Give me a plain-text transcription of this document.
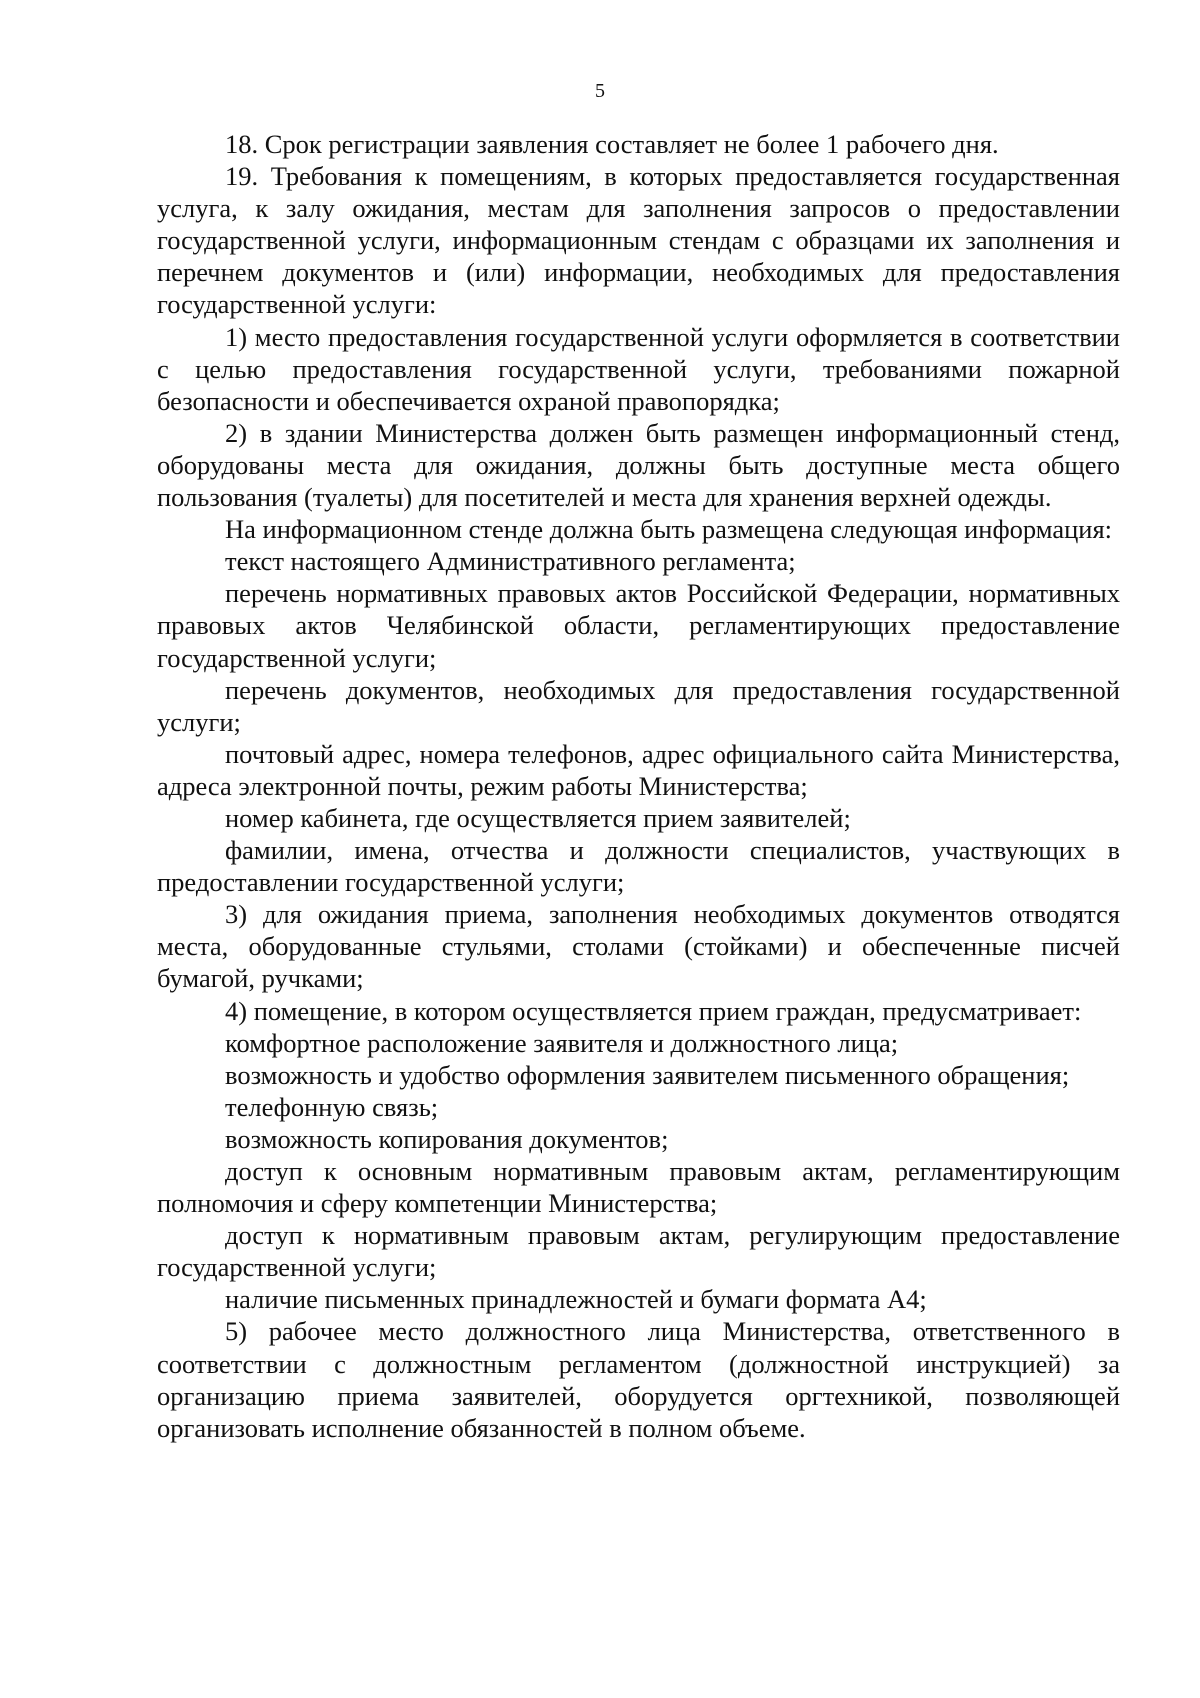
5

18. Срок регистрации заявления составляет не более 1 рабочего дня.

19. Требования к помещениям, в которых предоставляется государственная услуга, к залу ожидания, местам для заполнения запросов о предоставлении государственной услуги, информационным стендам с образцами их заполнения и перечнем документов и (или) информации, необходимых для предоставления государственной услуги:

1) место предоставления государственной услуги оформляется в соответствии с целью предоставления государственной услуги, требованиями пожарной безопасности и обеспечивается охраной правопорядка;

2) в здании Министерства должен быть размещен информационный стенд, оборудованы места для ожидания, должны быть доступные места общего пользования (туалеты) для посетителей и места для хранения верхней одежды.

На информационном стенде должна быть размещена следующая информация:

текст настоящего Административного регламента;

перечень нормативных правовых актов Российской Федерации, нормативных правовых актов Челябинской области, регламентирующих предоставление государственной услуги;

перечень документов, необходимых для предоставления государственной услуги;

почтовый адрес, номера телефонов, адрес официального сайта Министерства, адреса электронной почты, режим работы Министерства;

номер кабинета, где осуществляется прием заявителей;

фамилии, имена, отчества и должности специалистов, участвующих в предоставлении государственной услуги;

3) для ожидания приема, заполнения необходимых документов отводятся места, оборудованные стульями, столами (стойками) и обеспеченные писчей бумагой, ручками;

4) помещение, в котором осуществляется прием граждан, предусматривает:

комфортное расположение заявителя и должностного лица;

возможность и удобство оформления заявителем письменного обращения;

телефонную связь;

возможность копирования документов;

доступ к основным нормативным правовым актам, регламентирующим полномочия и сферу компетенции Министерства;

доступ к нормативным правовым актам, регулирующим предоставление государственной услуги;

наличие письменных принадлежностей и бумаги формата А4;

5) рабочее место должностного лица Министерства, ответственного в соответствии с должностным регламентом (должностной инструкцией) за организацию приема заявителей, оборудуется оргтехникой, позволяющей организовать исполнение обязанностей в полном объеме.
